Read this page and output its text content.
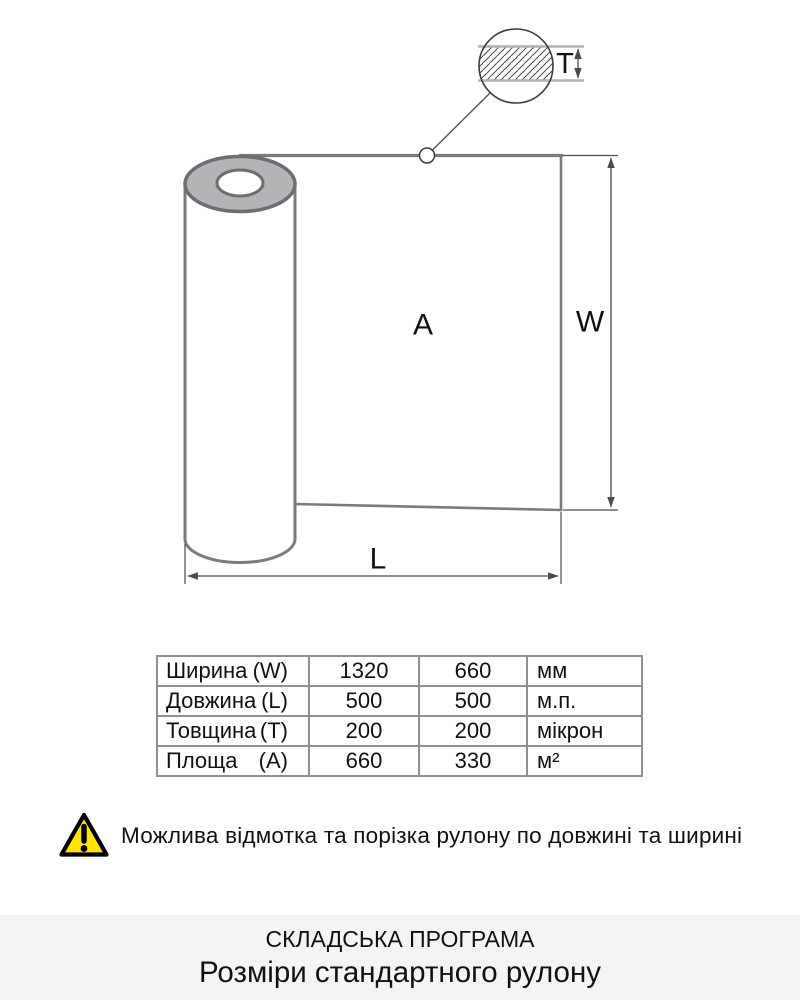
T
W
L
A
Ширина (W)	1320	660	мм

Довжина (L)	500	500	м.п.

Товщина (T)	200	200	мікрон

Площа (A)	660	330	м²
Можлива відмотка та порізка рулону по довжині та ширині
СКЛАДСЬКА ПРОГРАМА
Розміри стандартного рулону
